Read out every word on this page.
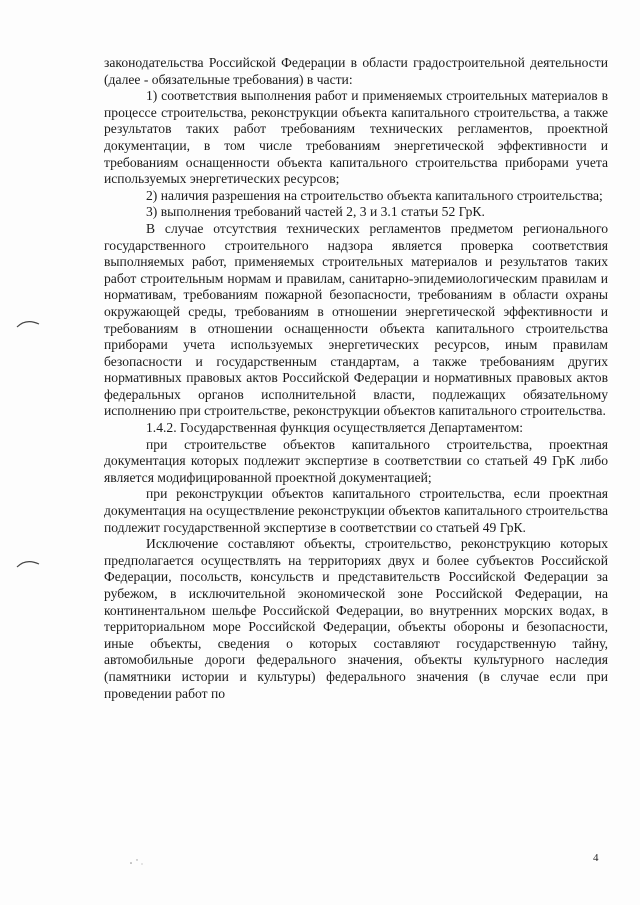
законодательства Российской Федерации в области градостроительной деятельности (далее - обязательные требования) в части:

1) соответствия выполнения работ и применяемых строительных материалов в процессе строительства, реконструкции объекта капитального строительства, а также результатов таких работ требованиям технических регламентов, проектной документации, в том числе требованиям энергетической эффективности и требованиям оснащенности объекта капитального строительства приборами учета используемых энергетических ресурсов;

2) наличия разрешения на строительство объекта капитального строительства;

3) выполнения требований частей 2, 3 и 3.1 статьи 52 ГрК.

В случае отсутствия технических регламентов предметом регионального государственного строительного надзора является проверка соответствия выполняемых работ, применяемых строительных материалов и результатов таких работ строительным нормам и правилам, санитарно-эпидемиологическим правилам и нормативам, требованиям пожарной безопасности, требованиям в области охраны окружающей среды, требованиям в отношении энергетической эффективности и требованиям в отношении оснащенности объекта капитального строительства приборами учета используемых энергетических ресурсов, иным правилам безопасности и государственным стандартам, а также требованиям других нормативных правовых актов Российской Федерации и нормативных правовых актов федеральных органов исполнительной власти, подлежащих обязательному исполнению при строительстве, реконструкции объектов капитального строительства.

1.4.2. Государственная функция осуществляется Департаментом:

при строительстве объектов капитального строительства, проектная документация которых подлежит экспертизе в соответствии со статьей 49 ГрК либо является модифицированной проектной документацией;

при реконструкции объектов капитального строительства, если проектная документация на осуществление реконструкции объектов капитального строительства подлежит государственной экспертизе в соответствии со статьей 49 ГрК.

Исключение составляют объекты, строительство, реконструкцию которых предполагается осуществлять на территориях двух и более субъектов Российской Федерации, посольств, консульств и представительств Российской Федерации за рубежом, в исключительной экономической зоне Российской Федерации, на континентальном шельфе Российской Федерации, во внутренних морских водах, в территориальном море Российской Федерации, объекты обороны и безопасности, иные объекты, сведения о которых составляют государственную тайну, автомобильные дороги федерального значения, объекты культурного наследия (памятники истории и культуры) федерального значения (в случае если при проведении работ по

4
